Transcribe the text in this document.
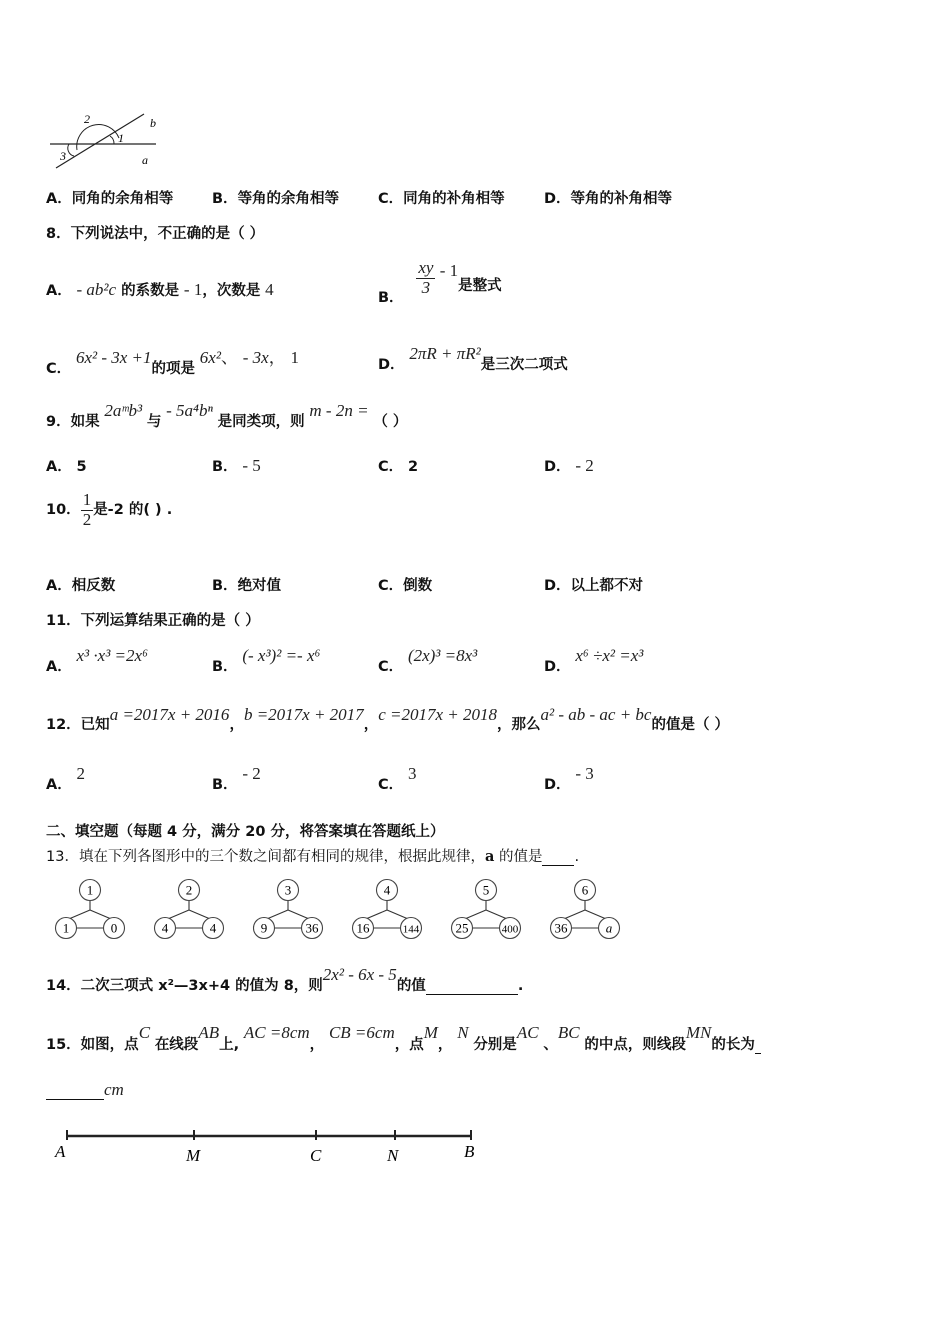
2
1
3
b
a
A．同角的余角相等	B．等角的余角相等	C．同角的补角相等	D．等角的补角相等
8．下列说法中，不正确的是（ ）
A． - ab²c 的系数是 - 1，次数是 4	B．
$\frac{xy}{3} - 1$是整式
C． 6x² - 3x +1的项是 6x²、 - 3x， 1	D． 2πR + πR²是三次二项式
9．如果 2aᵐb³ 与 - 5a⁴bⁿ 是同类项，则 m - 2n = （ ）
A． 5	B． - 5	C． 2	D． - 2
10． $\frac{1}{2}$ 是-2 的( ) .
A．相反数	B．绝对值	C．倒数	D．以上都不对
11．下列运算结果正确的是（ ）
A． x³ ·x³ =2x⁶
B． (- x³)² =- x⁶
C． (2x)³ =8x³
D． x⁶ ÷x² =x³
12．已知a =2017x + 2016，b =2017x + 2017，c =2017x + 2018，那么a² - ab - ac + bc的值是（ ）
A． 2
B． - 2
C． 3
D． - 3
二、填空题（每题 4 分，满分 20 分，将答案填在答题纸上）
13．填在下列各图形中的三个数之间都有相同的规律，根据此规律，a 的值是 .
1
1	0
2
4	4
3
9	36
4
16	144
5
25	400
6
36	a
14．二次三项式 x²—3x+4 的值为 8，则2x² - 6x - 5的值	.
15．如图，点C 在线段AB上, AC =8cm， CB =6cm，点M， N 分别是AC 、BC 的中点，则线段MN的长为
cm
A	M	C	N	B
